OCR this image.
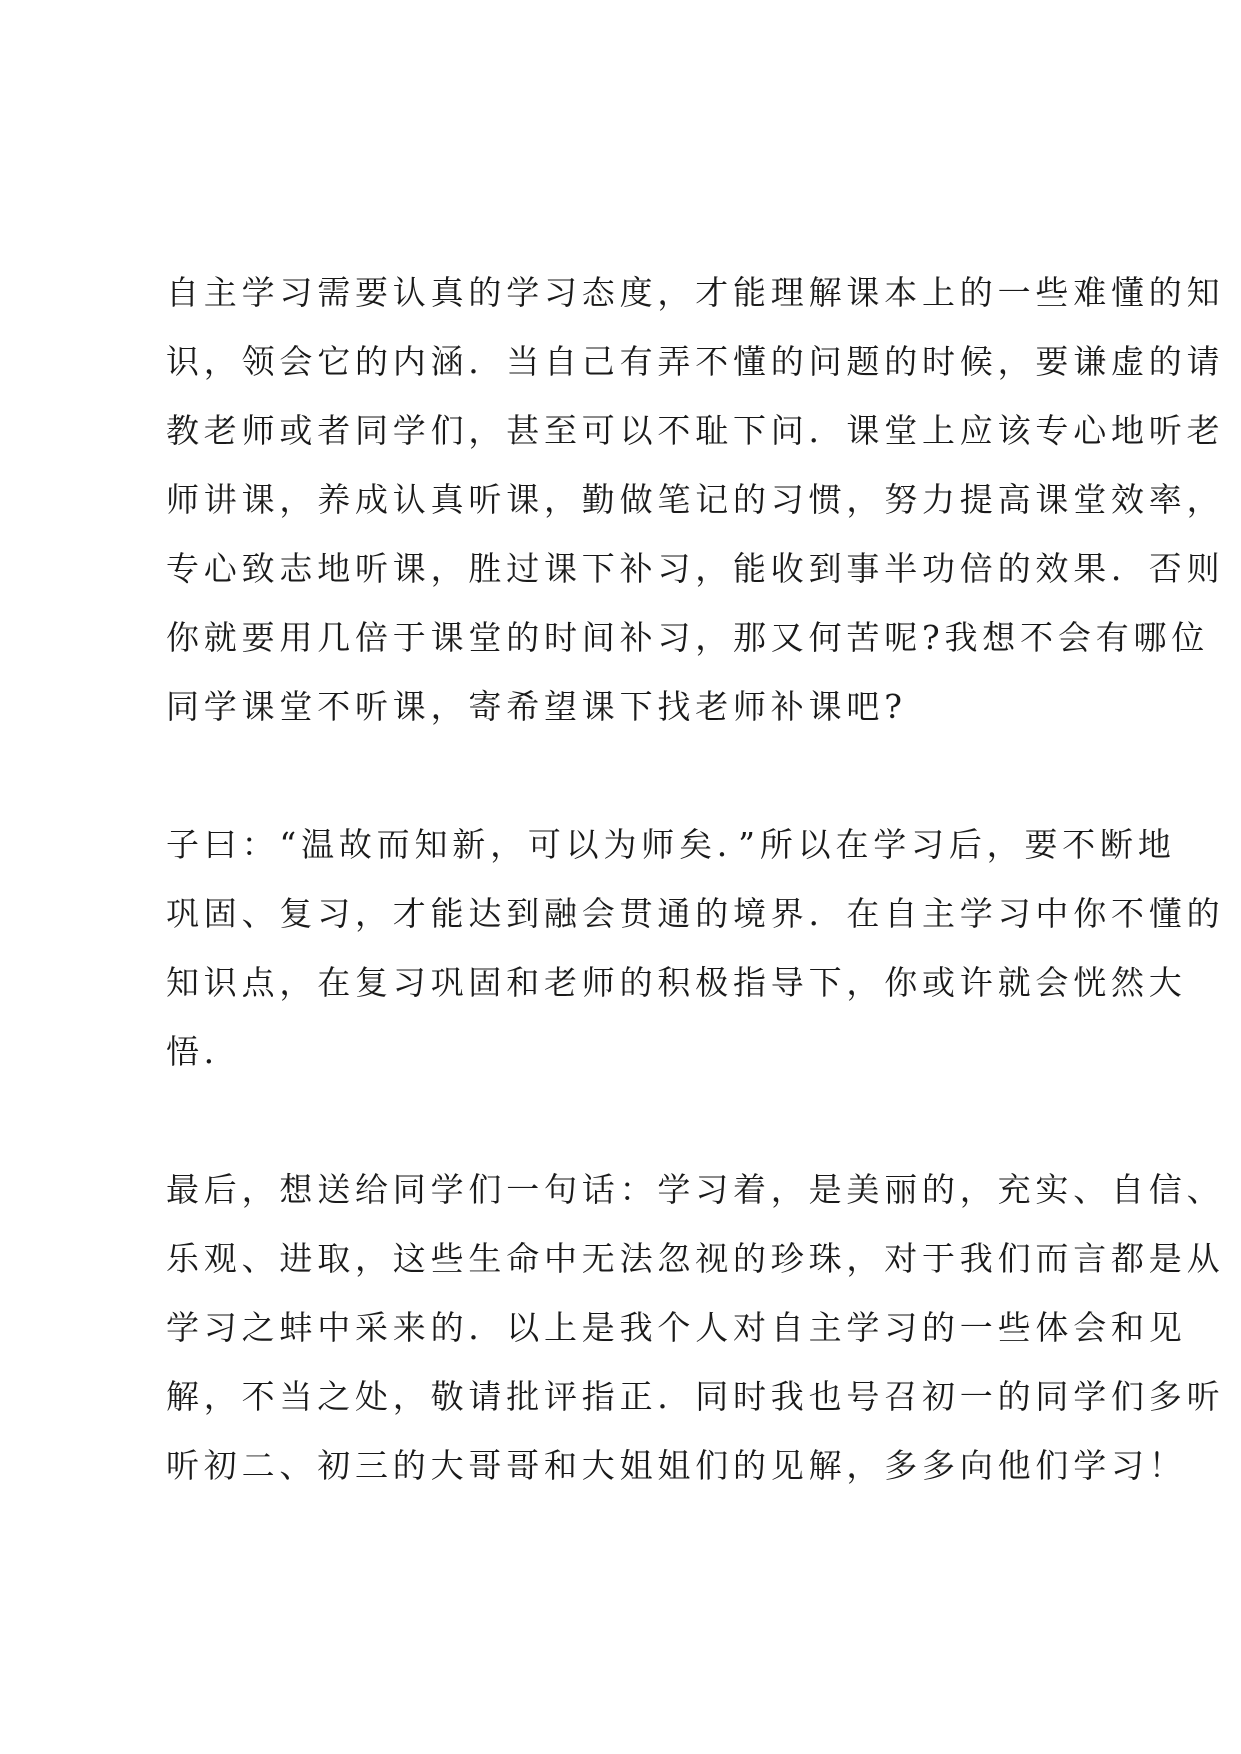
自主学习需要认真的学习态度，才能理解课本上的一些难懂的知
识，领会它的内涵．当自己有弄不懂的问题的时候，要谦虚的请
教老师或者同学们，甚至可以不耻下问．课堂上应该专心地听老
师讲课，养成认真听课，勤做笔记的习惯，努力提高课堂效率，
专心致志地听课，胜过课下补习，能收到事半功倍的效果．否则
你就要用几倍于课堂的时间补习，那又何苦呢?我想不会有哪位
同学课堂不听课，寄希望课下找老师补课吧?
子曰：“温故而知新，可以为师矣．”所以在学习后，要不断地
巩固、复习，才能达到融会贯通的境界．在自主学习中你不懂的
知识点，在复习巩固和老师的积极指导下，你或许就会恍然大
悟．
最后，想送给同学们一句话：学习着，是美丽的，充实、自信、
乐观、进取，这些生命中无法忽视的珍珠，对于我们而言都是从
学习之蚌中采来的．以上是我个人对自主学习的一些体会和见
解，不当之处，敬请批评指正．同时我也号召初一的同学们多听
听初二、初三的大哥哥和大姐姐们的见解，多多向他们学习！
